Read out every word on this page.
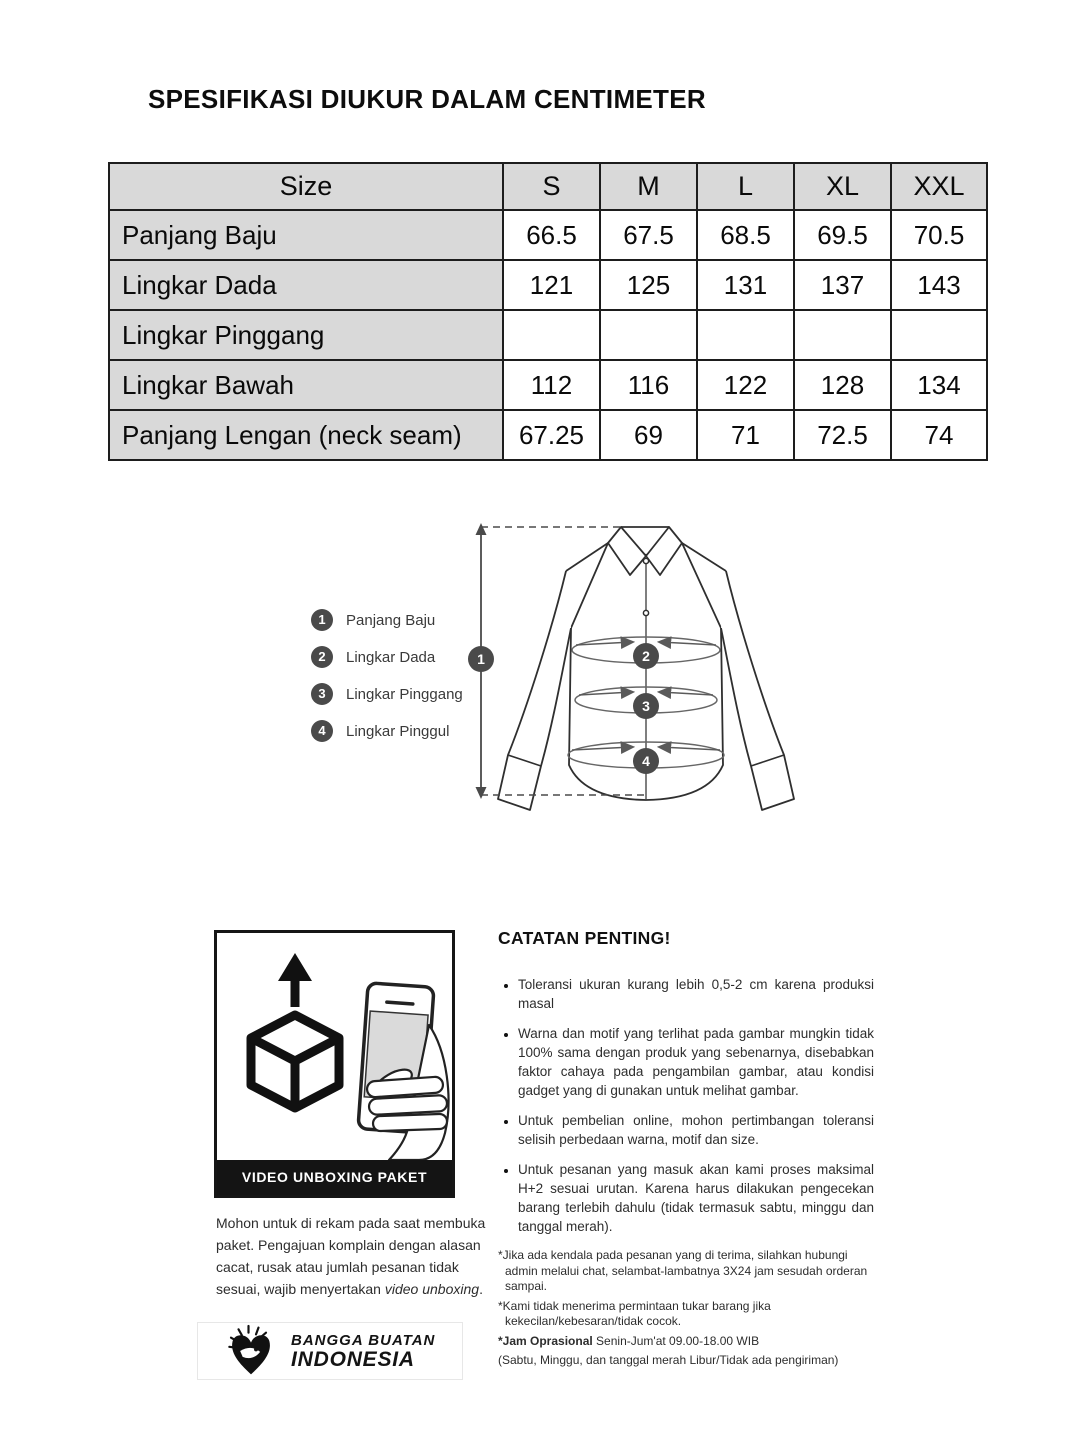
SPESIFIKASI DIUKUR DALAM CENTIMETER
Size	S	M	L	XL	XXL
Panjang Baju	66.5	67.5	68.5	69.5	70.5
Lingkar Dada	121	125	131	137	143
Lingkar Pinggang					
Lingkar Bawah	112	116	122	128	134
Panjang Lengan (neck seam)	67.25	69	71	72.5	74
1	Panjang Baju
2	Lingkar Dada
3	Lingkar Pinggang
4	Lingkar Pinggul
2
3
4
1
VIDEO UNBOXING PAKET
Mohon untuk di rekam pada saat membuka paket. Pengajuan komplain dengan alasan cacat, rusak atau jumlah pesanan tidak sesuai, wajib menyertakan video unboxing.
CATATAN PENTING!
• Toleransi ukuran kurang lebih 0,5-2 cm karena produksi masal
• Warna dan motif yang terlihat pada gambar mungkin tidak 100% sama dengan produk yang sebenarnya, disebabkan faktor cahaya pada pengambilan gambar, atau kondisi gadget yang di gunakan untuk melihat gambar.
• Untuk pembelian online, mohon pertimbangan toleransi selisih perbedaan warna, motif dan size.
• Untuk pesanan yang masuk akan kami proses maksimal H+2 sesuai urutan. Karena harus dilakukan pengecekan barang terlebih dahulu (tidak termasuk sabtu, minggu dan tanggal merah).
*Jika ada kendala pada pesanan yang di terima, silahkan hubungi admin melalui chat, selambat-lambatnya 3X24 jam sesudah orderan sampai.
*Kami tidak menerima permintaan tukar barang jika kekecilan/kebesaran/tidak cocok.
*Jam Oprasional Senin-Jum'at 09.00-18.00 WIB
(Sabtu, Minggu, dan tanggal merah Libur/Tidak ada pengiriman)
BANGGA BUATAN
INDONESIA
